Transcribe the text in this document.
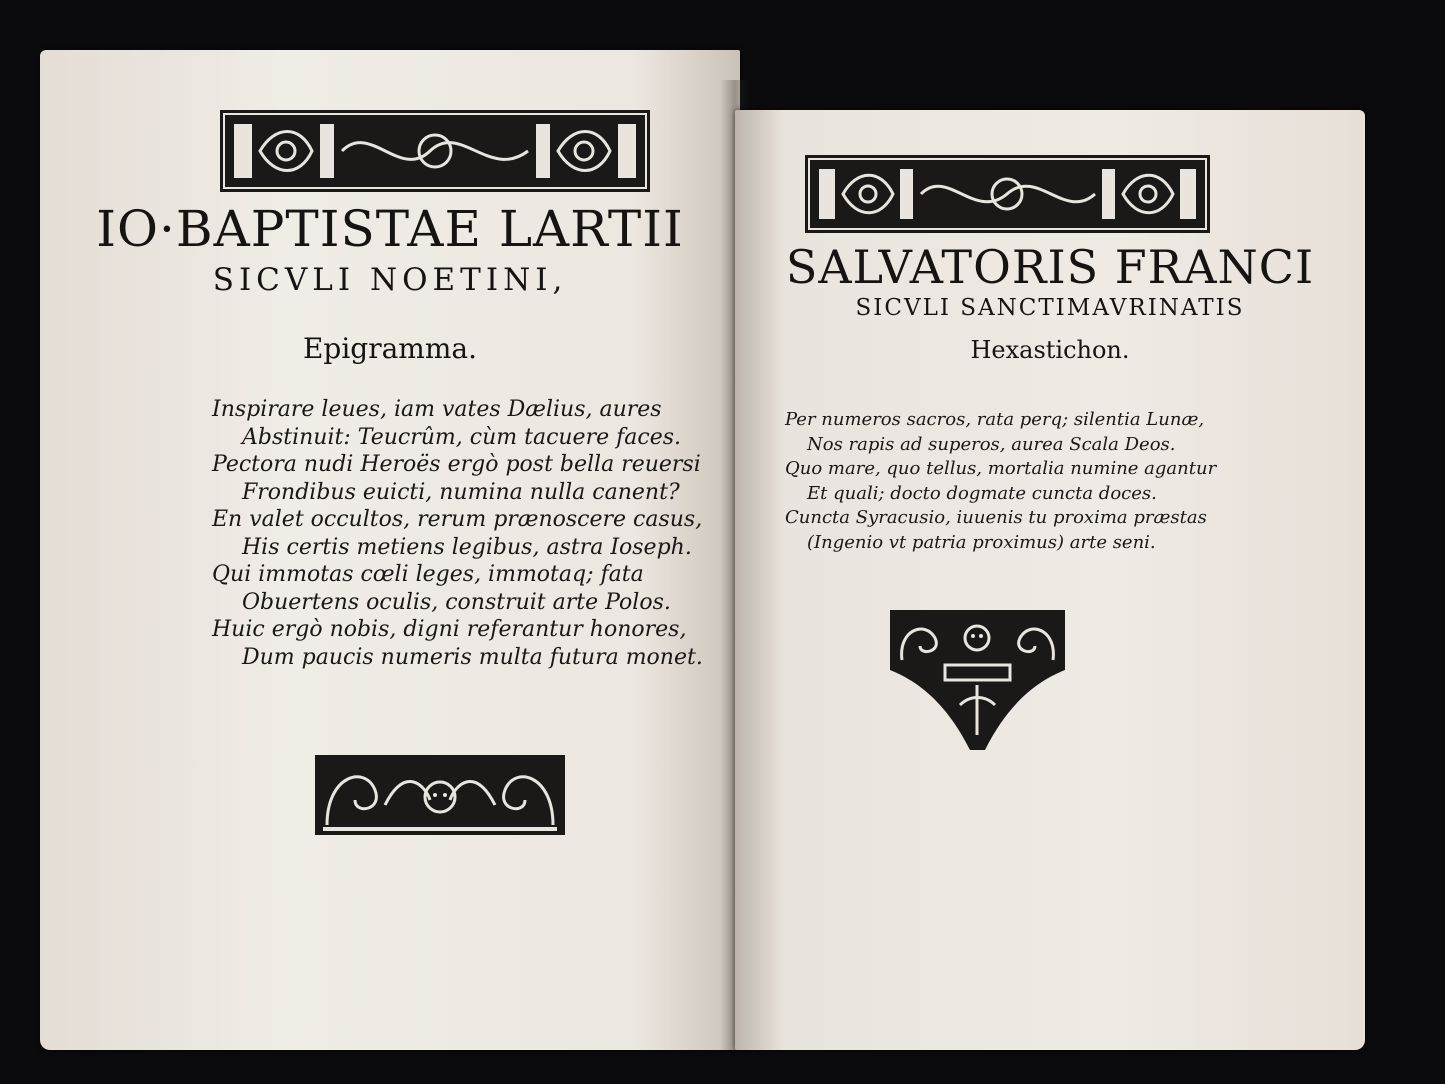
IO·BAPTISTAE LARTII
SICVLI NOETINI,
Epigramma.
Inspirare leues, iam vates Dælius, aures
Abstinuit: Teucrûm, cùm tacuere faces.
Pectora nudi Heroës ergò post bella reuersi
Frondibus euicti, numina nulla canent?
En valet occultos, rerum prænoscere casus,
His certis metiens legibus, astra Ioseph.
Qui immotas cœli leges, immotaq; fata
Obuertens oculis, construit arte Polos.
Huic ergò nobis, digni referantur honores,
Dum paucis numeris multa futura monet.
SALVATORIS FRANCI
SICVLI SANCTIMAVRINATIS
Hexastichon.
Per numeros sacros, rata perq; silentia Lunæ,
Nos rapis ad superos, aurea Scala Deos.
Quo mare, quo tellus, mortalia numine agantur
Et quali; docto dogmate cuncta doces.
Cuncta Syracusio, iuuenis tu proxima præstas
(Ingenio vt patria proximus) arte seni.
